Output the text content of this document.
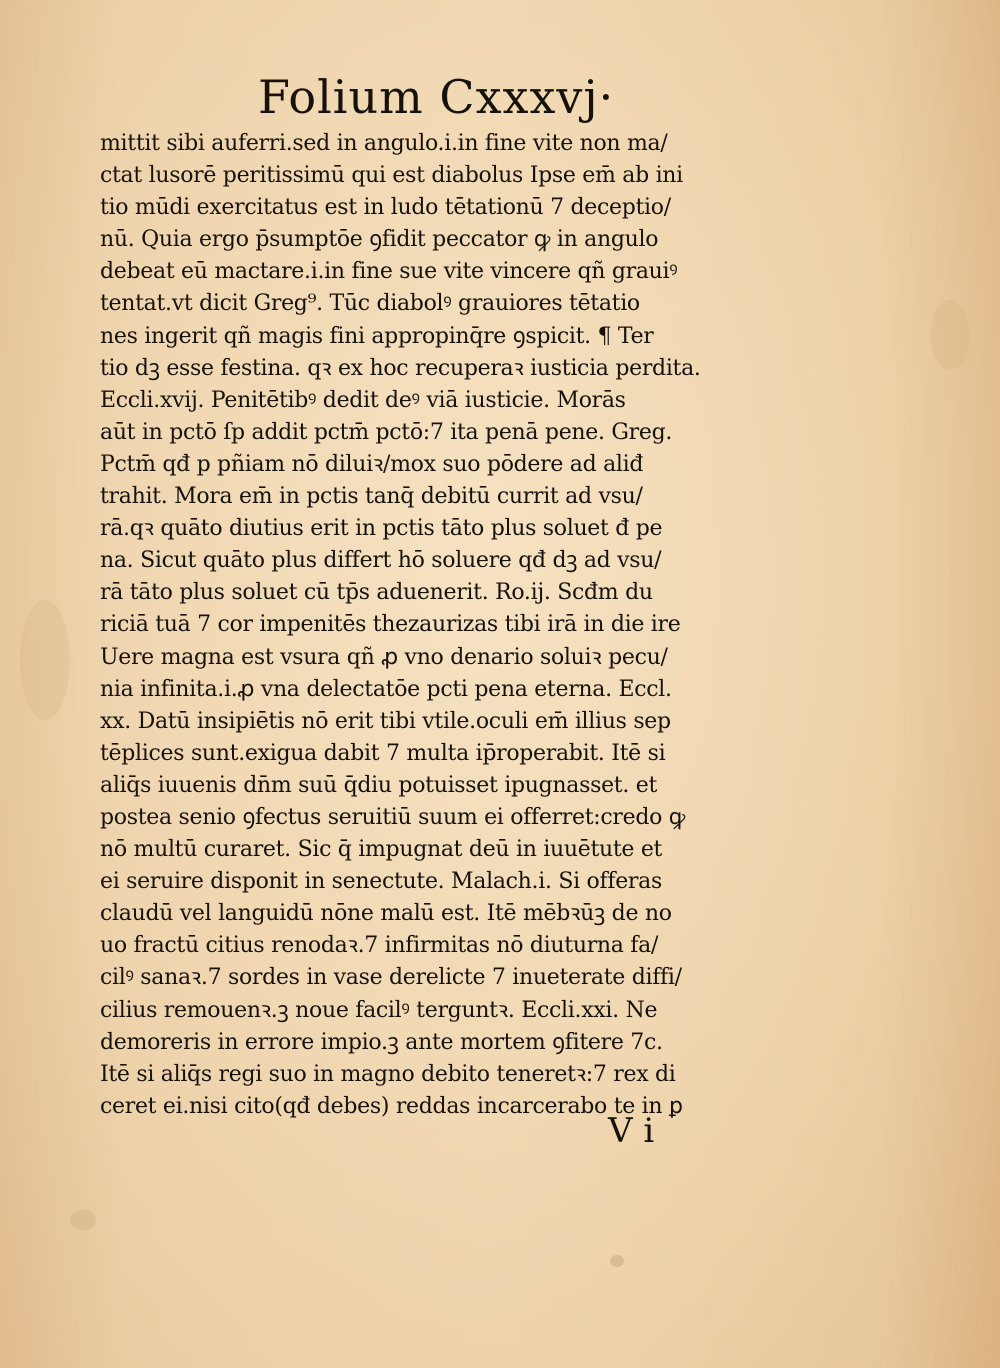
Folium Cxxxvj·
mittit sibi auferri.sed in angulo.i.in fine vite non ma/
ctat lusorē peritissimū qui est diabolus Ipse em̄ ab ini
tio mūdi exercitatus est in ludo tētationū 7 deceptio/
nū. Quia ergo p̄sumptōe ꝯfidit peccator ꝙ in angulo
debeat eū mactare.i.in fine sue vite vincere qñ grauiꝰ
tentat.vt dicit Greg⁹. Tūc diabolꝰ grauiores tētatio
nes ingerit qñ magis fini appropinq̄re ꝯspicit. ¶ Ter
tio dꝫ esse festina. qꝛ ex hoc recuperaꝛ iusticia perdita.
Eccli.xvij. Penitētibꝰ dedit deꝰ viā iusticie. Morās
aūt in pctō ſp addit pctm̄ pctō:7 ita penā pene. Greg.
Pctm̄ qđ p pñiam nō diluiꝛ/mox suo pōdere ad aliđ
trahit. Mora em̄ in pctis tanq̄ debitū currit ad vsu/
rā.qꝛ quāto diutius erit in pctis tāto plus soluet đ pe
na. Sicut quāto plus differt hō soluere qđ dꝫ ad vsu/
rā tāto plus soluet cū tp̄s aduenerit. Ro.ij. Scđm du
riciā tuā 7 cor impenitēs thezaurizas tibi irā in die ire
Uere magna est vsura qñ ꝓ vno denario soluiꝛ pecu/
nia infinita.i.ꝓ vna delectatōe pcti pena eterna. Eccl.
xx. Datū insipiētis nō erit tibi vtile.oculi em̄ illius sep
tēplices sunt.exigua dabit 7 multa ip̄roperabit. Itē si
aliq̄s iuuenis dn̄m suū q̄diu potuisset ipugnasset. et
postea senio ꝯfectus seruitiū suum ei offerret:credo ꝙ
nō multū curaret. Sic q̄ impugnat deū in iuuētute et
ei seruire disponit in senectute. Malach.i. Si offeras
claudū vel languidū nōne malū est. Itē mēbꝛūꝫ de no
uo fractū citius renodaꝛ.7 infirmitas nō diuturna fa/
cilꝰ sanaꝛ.7 sordes in vase derelicte 7 inueterate diffi/
cilius remouenꝛ.ꝫ noue facilꝰ terguntꝛ. Eccli.xxi. Ne
demoreris in errore impio.ꝫ ante mortem ꝯfitere 7c.
Itē si aliq̄s regi suo in magno debito teneretꝛ:7 rex di
ceret ei.nisi cito(qđ debes) reddas incarcerabo te in ꝑ
V i
